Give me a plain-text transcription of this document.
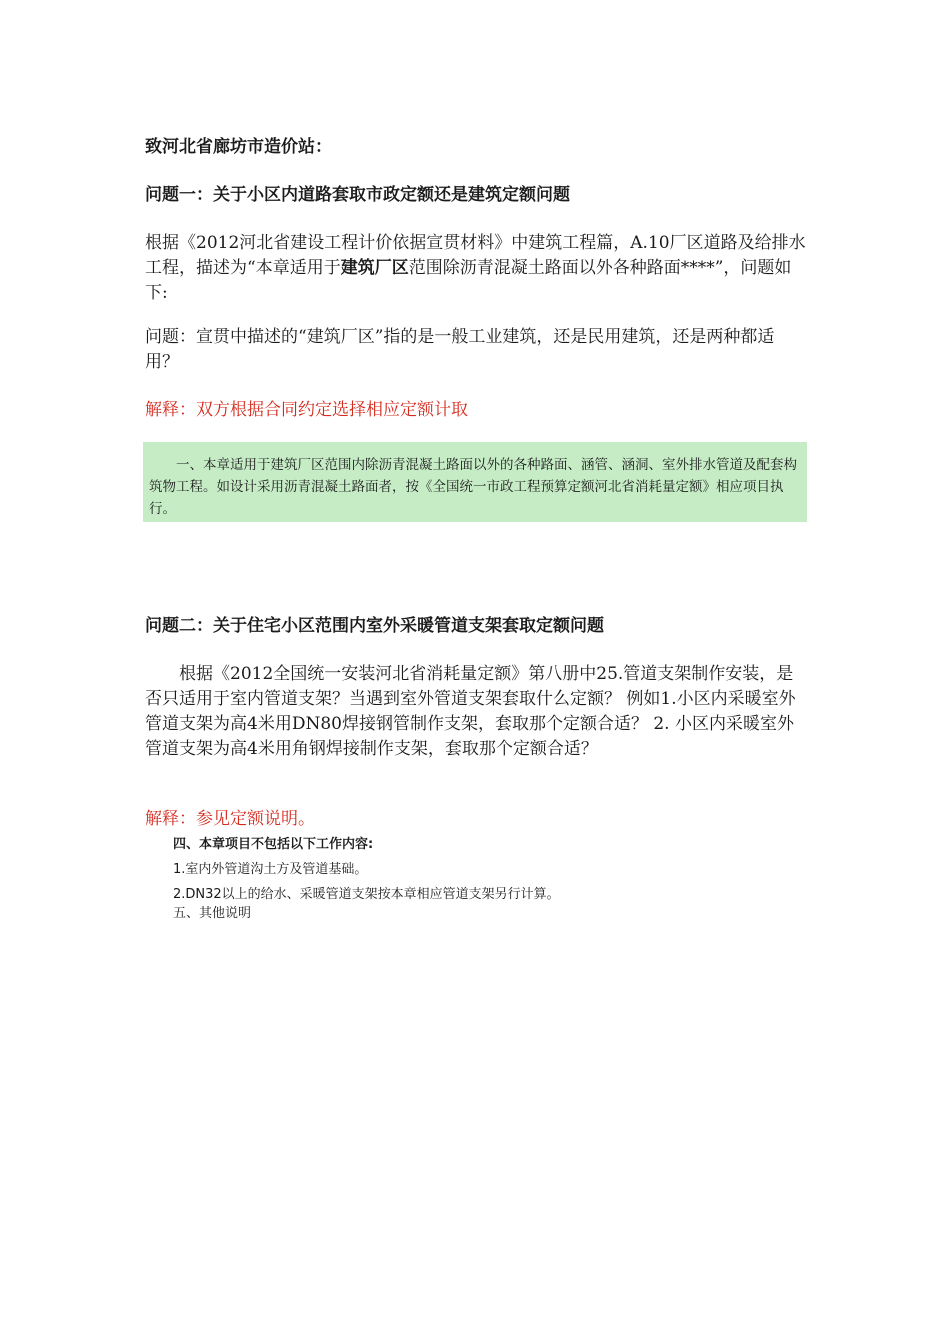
致河北省廊坊市造价站：
问题一：关于小区内道路套取市政定额还是建筑定额问题
根据《2012河北省建设工程计价依据宣贯材料》中建筑工程篇，A.10厂区道路及给排水工程，描述为“本章适用于建筑厂区范围除沥青混凝土路面以外各种路面****”，问题如下:
问题：宣贯中描述的“建筑厂区”指的是一般工业建筑，还是民用建筑，还是两种都适用？
解释：双方根据合同约定选择相应定额计取
一、本章适用于建筑厂区范围内除沥青混凝土路面以外的各种路面、涵管、涵洞、室外排水管道及配套构筑物工程。如设计采用沥青混凝土路面者，按《全国统一市政工程预算定额河北省消耗量定额》相应项目执行。
问题二：关于住宅小区范围内室外采暖管道支架套取定额问题
根据《2012全国统一安装河北省消耗量定额》第八册中25.管道支架制作安装，是否只适用于室内管道支架？当遇到室外管道支架套取什么定额？ 例如1.小区内采暖室外管道支架为高4米用DN80焊接钢管制作支架，套取那个定额合适？ 2. 小区内采暖室外管道支架为高4米用角钢焊接制作支架，套取那个定额合适？
解释：参见定额说明。
四、本章项目不包括以下工作内容:
1.室内外管道沟土方及管道基础。
2.DN32以上的给水、采暖管道支架按本章相应管道支架另行计算。
五、其他说明
